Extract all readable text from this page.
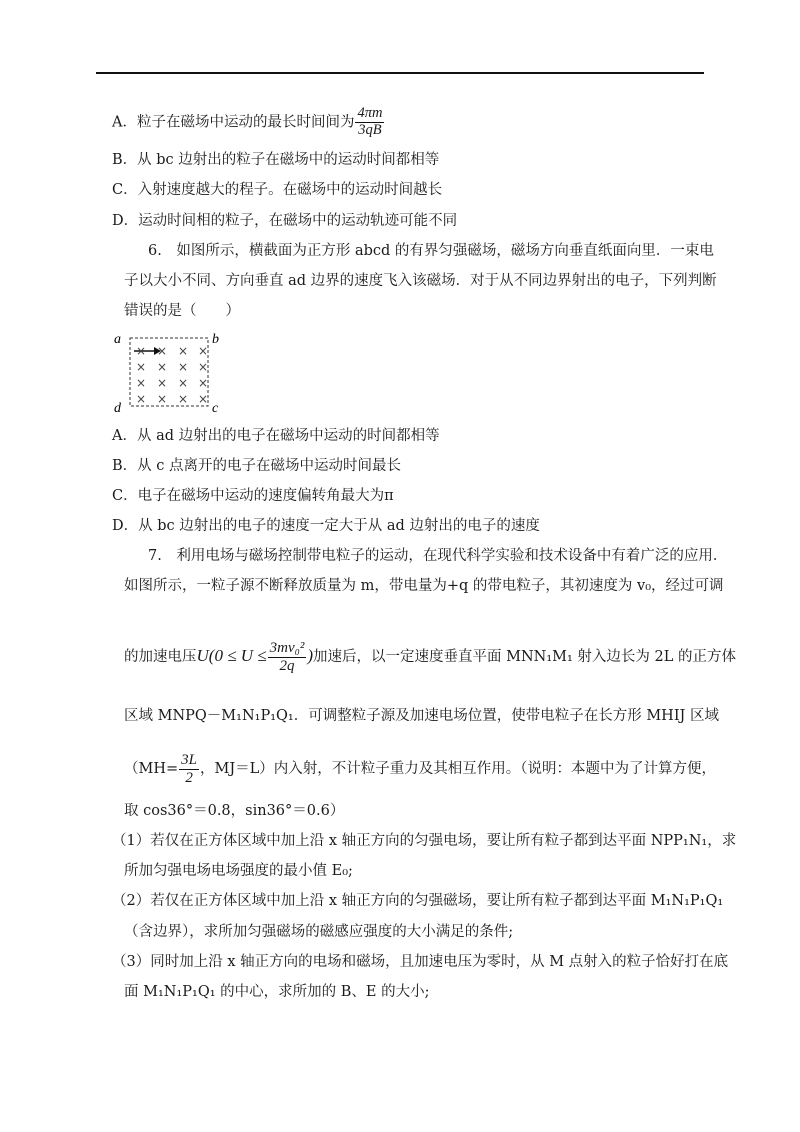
A．粒子在磁场中运动的最长时间间为 $\frac{4\pi m}{3qB}$
B．从 bc 边射出的粒子在磁场中的运动时间都相等
C．入射速度越大的程子。在磁场中的运动时间越长
D．运动时间相的粒子，在磁场中的运动轨迹可能不同
6.　如图所示，横截面为正方形 abcd 的有界匀强磁场，磁场方向垂直纸面向里．一束电
子以大小不同、方向垂直 ad 边界的速度飞入该磁场．对于从不同边界射出的电子，下列判断
错误的是（　　）
a	b
c
d
× × × ×
× × × ×
× × × ×
× × × ×
A．从 ad 边射出的电子在磁场中运动的时间都相等
B．从 c 点离开的电子在磁场中运动时间最长
C．电子在磁场中运动的速度偏转角最大为π
D．从 bc 边射出的电子的速度一定大于从 ad 边射出的电子的速度
7.　利用电场与磁场控制带电粒子的运动，在现代科学实验和技术设备中有着广泛的应用．
如图所示，一粒子源不断释放质量为 m，带电量为+q 的带电粒子，其初速度为 v₀，经过可调
的加速电压$U(0 \le U \le \frac{\text{3mv₀²}}{2q}$ )加速后，以一定速度垂直平面 MNN₁M₁ 射入边长为 2L 的正方体
区域 MNPQ－M₁N₁P₁Q₁．可调整粒子源及加速电场位置，使带电粒子在长方形 MHIJ 区域
（$MH= \frac{3L}{2}$ ，MJ＝L）内入射，不计粒子重力及其相互作用。（说明：本题中为了计算方便，
取 cos36°＝0.8，sin36°＝0.6）
（1）若仅在正方体区域中加上沿 x 轴正方向的匀强电场，要让所有粒子都到达平面 NPP₁N₁，求
所加匀强电场电场强度的最小值 E₀;
（2）若仅在正方体区域中加上沿 x 轴正方向的匀强磁场，要让所有粒子都到达平面 M₁N₁P₁Q₁
（含边界），求所加匀强磁场的磁感应强度的大小满足的条件;
（3）同时加上沿 x 轴正方向的电场和磁场，且加速电压为零时，从 M 点射入的粒子恰好打在底
面 M₁N₁P₁Q₁ 的中心，求所加的 B、E 的大小;
